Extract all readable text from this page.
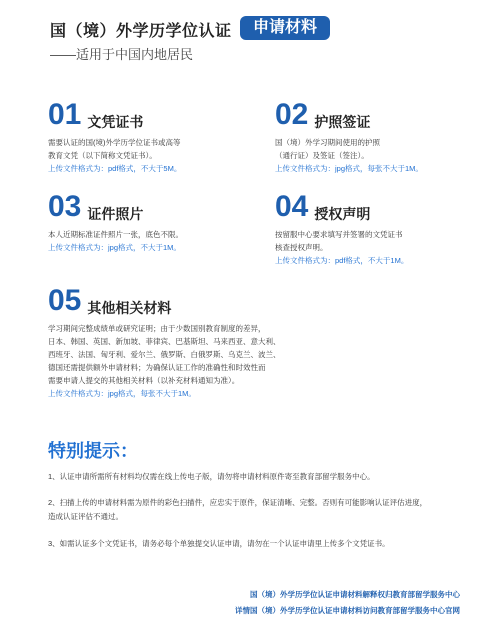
国（境）外学历学位认证	申请材料
——适用于中国内地居民
01 文凭证书
需要认证的国(境)外学历学位证书或高等
教育文凭（以下简称文凭证书）。
上传文件格式为：pdf格式，不大于5M。
02 护照签证
国（境）外学习期间使用的护照
（通行证）及签证（签注）。
上传文件格式为：jpg格式，每张不大于1M。
03 证件照片
本人近期标准证件照片一张，底色不限。
上传文件格式为：jpg格式，不大于1M。
04 授权声明
按留服中心要求填写并签署的文凭证书
核查授权声明。
上传文件格式为：pdf格式，不大于1M。
05 其他相关材料
学习期间完整成绩单或研究证明；由于少数国别教育制度的差异，
日本、韩国、英国、新加坡、菲律宾、巴基斯坦、马来西亚、意大利、
西班牙、法国、匈牙利、爱尔兰、俄罗斯、白俄罗斯、乌克兰、波兰、
德国还需提供额外申请材料；为确保认证工作的准确性和时效性而
需要申请人提交的其他相关材料（以补充材料通知为准）。
上传文件格式为：jpg格式，每张不大于1M。
特别提示：
1、认证申请所需所有材料均仅需在线上传电子版，请勿将申请材料原件寄至教育部留学服务中心。
2、扫描上传的申请材料需为原件的彩色扫描件，应忠实于原件，保证清晰、完整。否则有可能影响认证评估进度，
造成认证评估不通过。
3、如需认证多个文凭证书，请务必每个单独提交认证申请，请勿在一个认证申请里上传多个文凭证书。
国（境）外学历学位认证申请材料解释权归教育部留学服务中心
详情国（境）外学历学位认证申请材料访问教育部留学服务中心官网
